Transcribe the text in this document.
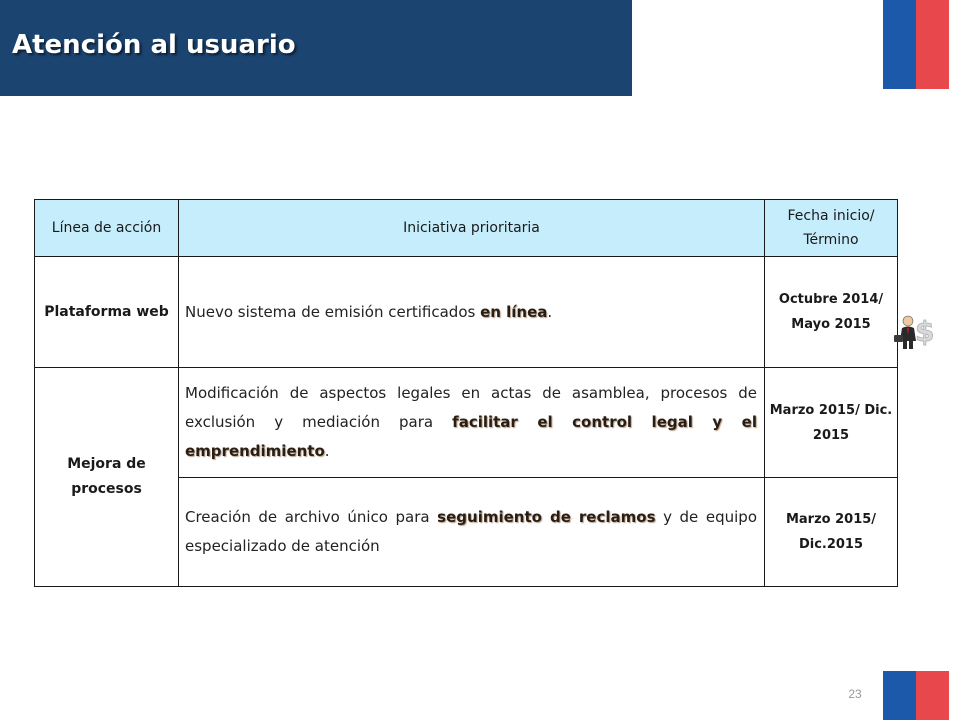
Atención al usuario
Línea de acción	Iniciativa prioritaria	Fecha inicio/ Término
Plataforma web	Nuevo sistema de emisión certificados en línea.	Octubre 2014/ Mayo 2015
Mejora de procesos	Modificación de aspectos legales en actas de asamblea, procesos de exclusión y mediación para facilitar el control legal y el emprendimiento.	Marzo 2015/ Dic. 2015
	Creación de archivo único para seguimiento de reclamos y de equipo especializado de atención	Marzo 2015/ Dic.2015
$
23
